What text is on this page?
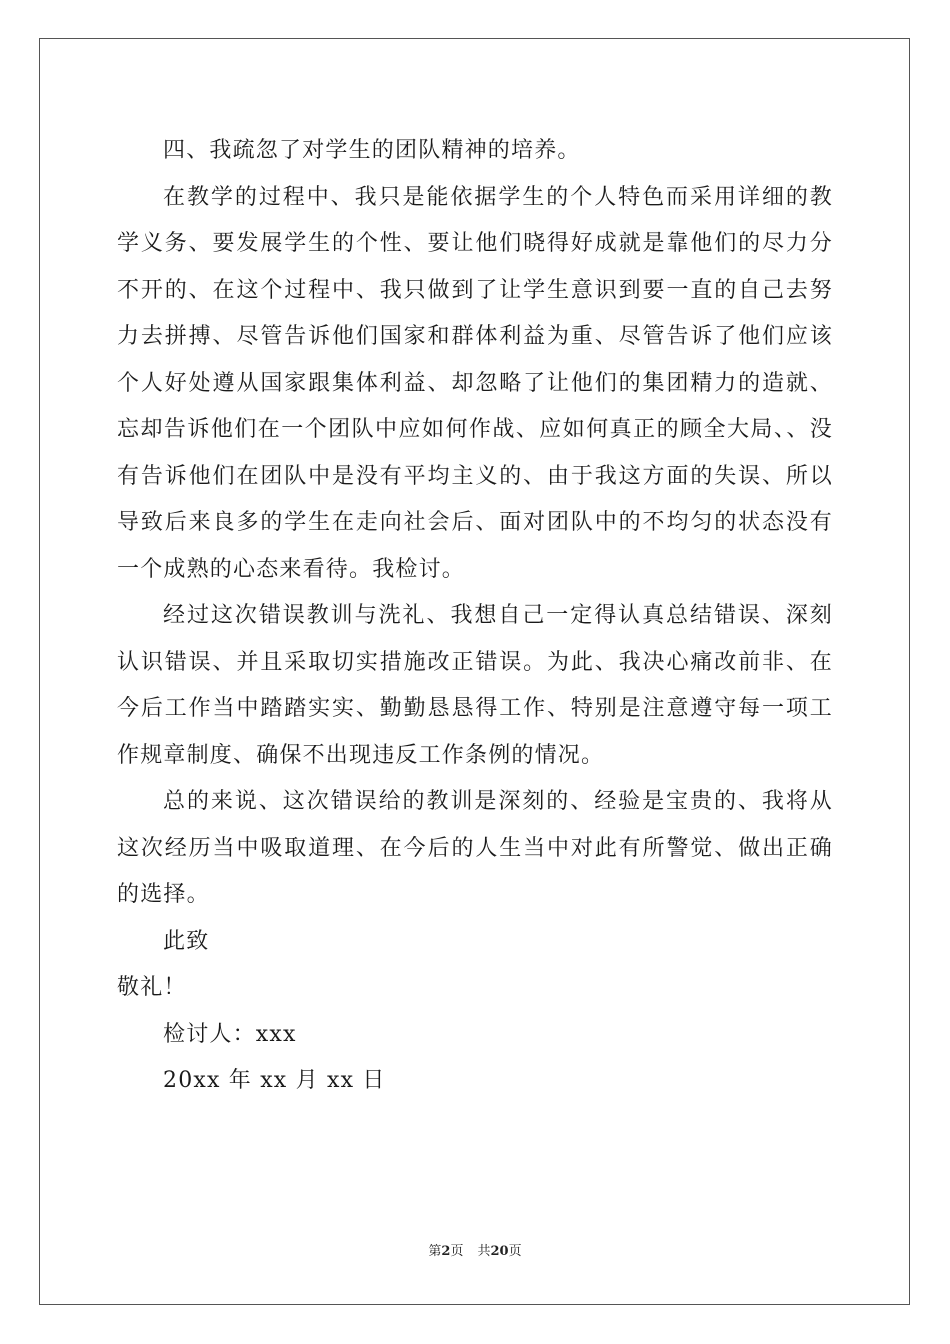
四、我疏忽了对学生的团队精神的培养。

在教学的过程中、我只是能依据学生的个人特色而采用详细的教学义务、要发展学生的个性、要让他们晓得好成就是靠他们的尽力分不开的、在这个过程中、我只做到了让学生意识到要一直的自己去努力去拼搏、尽管告诉他们国家和群体利益为重、尽管告诉了他们应该个人好处遵从国家跟集体利益、却忽略了让他们的集团精力的造就、忘却告诉他们在一个团队中应如何作战、应如何真正的顾全大局、、没有告诉他们在团队中是没有平均主义的、由于我这方面的失误、所以导致后来良多的学生在走向社会后、面对团队中的不均匀的状态没有一个成熟的心态来看待。我检讨。

经过这次错误教训与洗礼、我想自己一定得认真总结错误、深刻认识错误、并且采取切实措施改正错误。为此、我决心痛改前非、在今后工作当中踏踏实实、勤勤恳恳得工作、特别是注意遵守每一项工作规章制度、确保不出现违反工作条例的情况。

总的来说、这次错误给的教训是深刻的、经验是宝贵的、我将从这次经历当中吸取道理、在今后的人生当中对此有所警觉、做出正确的选择。

此致

敬礼！

检讨人：xxx

20xx 年 xx 月 xx 日

第2页 共20页
